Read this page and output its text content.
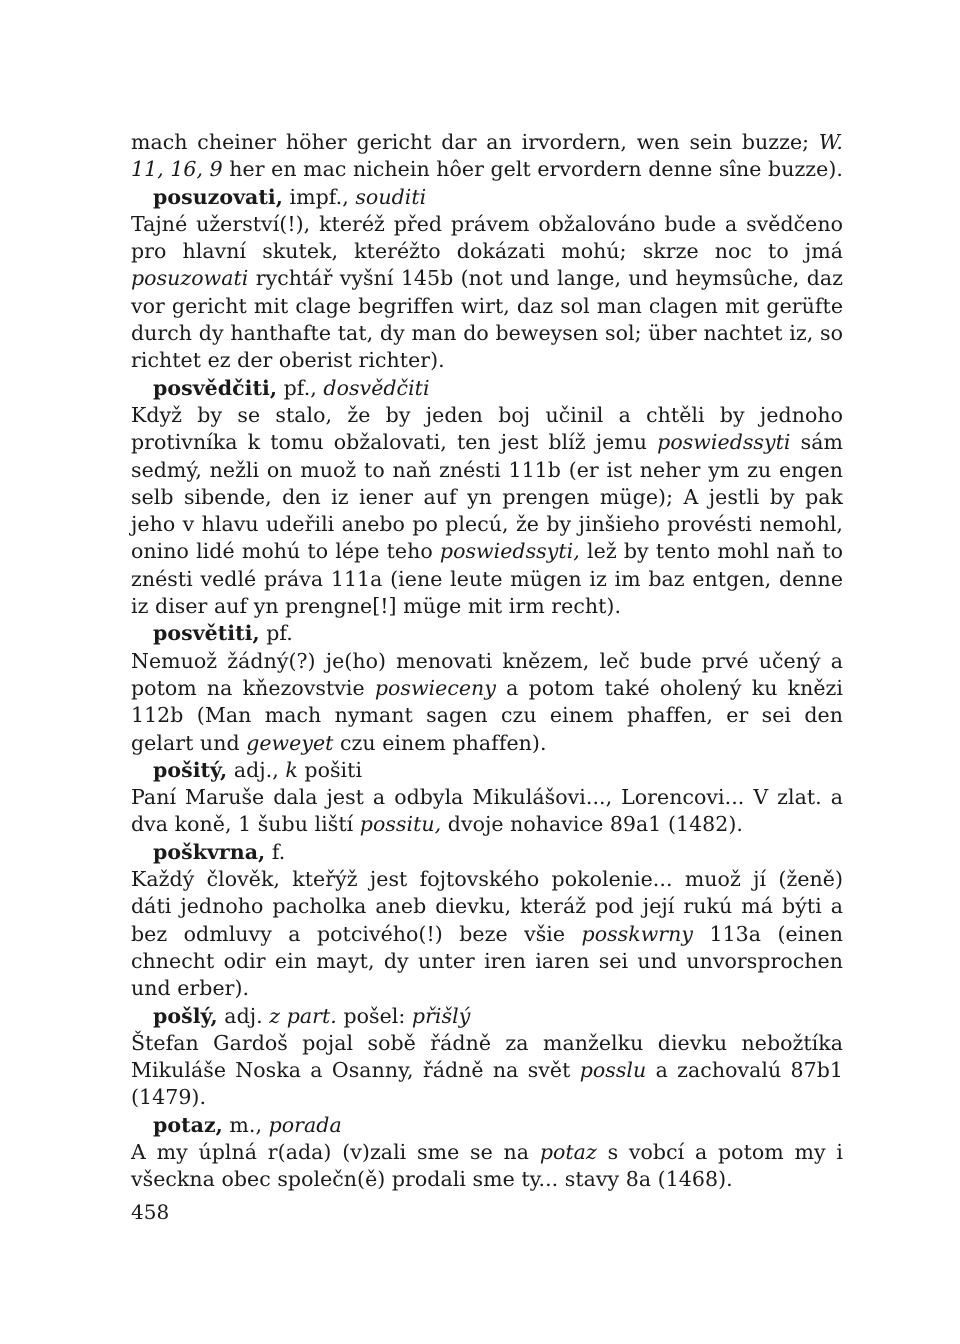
mach cheiner höher gericht dar an irvordern, wen sein buzze; W. 11, 16, 9 her en mac nichein hôer gelt ervordern denne sîne buzze).

posuzovati, impf., souditi

Tajné užerství(!), kteréž před právem obžalováno bude a svědčeno pro hlavní skutek, kteréžto dokázati mohú; skrze noc to jmá posuzowati rychtář vyšní 145b (not und lange, und heymsûche, daz vor gericht mit clage begriffen wirt, daz sol man clagen mit gerüfte durch dy hanthafte tat, dy man do beweysen sol; über nachtet iz, so richtet ez der oberist richter).

posvědčiti, pf., dosvědčiti

Když by se stalo, že by jeden boj učinil a chtěli by jednoho protivníka k tomu obžalovati, ten jest blíž jemu poswiedssyti sám sedmý, nežli on muož to naň znésti 111b (er ist neher ym zu engen selb sibende, den iz iener auf yn prengen müge); A jestli by pak jeho v hlavu udeřili anebo po plecú, že by jinšieho provésti nemohl, onino lidé mohú to lépe teho poswiedssyti, lež by tento mohl naň to znésti vedlé práva 111a (iene leute mügen iz im baz entgen, denne iz diser auf yn prengne[!] müge mit irm recht).

posvětiti, pf.

Nemuož žádný(?) je(ho) menovati knězem, leč bude prvé učený a potom na kňezovstvie poswieceny a potom také oholený ku knězi 112b (Man mach nymant sagen czu einem phaffen, er sei den gelart und geweyet czu einem phaffen).

pošitý, adj., k pošiti

Paní Maruše dala jest a odbyla Mikulášovi..., Lorencovi... V zlat. a dva koně, 1 šubu liští possitu, dvoje nohavice 89a1 (1482).

poškvrna, f.

Každý člověk, kteřýž jest fojtovského pokolenie... muož jí (ženě) dáti jednoho pacholka aneb dievku, kteráž pod její rukú má býti a bez odmluvy a potcivého(!) beze všie posskwrny 113a (einen chnecht odir ein mayt, dy unter iren iaren sei und unvorsprochen und erber).

pošlý, adj. z part. pošel: přišlý

Štefan Gardoš pojal sobě řádně za manželku dievku nebožtíka Mikuláše Noska a Osanny, řádně na svět posslu a zachovalú 87b1 (1479).

potaz, m., porada

A my úplná r(ada) (v)zali sme se na potaz s vobcí a potom my i všeckna obec společn(ě) prodali sme ty... stavy 8a (1468).

458
